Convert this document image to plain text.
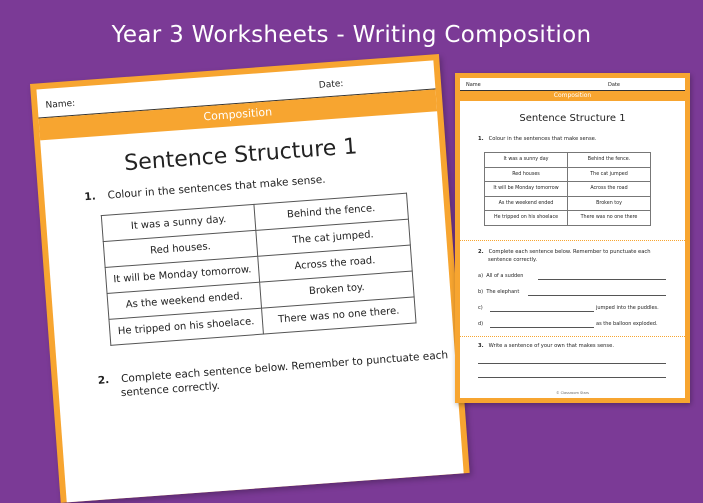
Year 3 Worksheets - Writing Composition
Name:
Date:
Composition
Sentence Structure 1
1. Colour in the sentences that make sense.
It was a sunny day.	Behind the fence.
Red houses.	The cat jumped.
It will be Monday tomorrow.	Across the road.
As the weekend ended.	Broken toy.
He tripped on his shoelace.	There was no one there.
2. Complete each sentence below. Remember to punctuate each
sentence correctly.
Name	Date
Composition
Sentence Structure 1
1. Colour in the sentences that make sense.
It was a sunny day	Behind the fence.
Red houses	The cat jumped
It will be Monday tomorrow	Across the road
As the weekend ended	Broken toy
He tripped on his shoelace	There was no one there
2. Complete each sentence below. Remember to punctuate each
sentence correctly.
a) All of a sudden
b) The elephant
c)	jumped into the puddles.
d)	as the balloon exploded.
3. Write a sentence of your own that makes sense.
© Classroom Stars
